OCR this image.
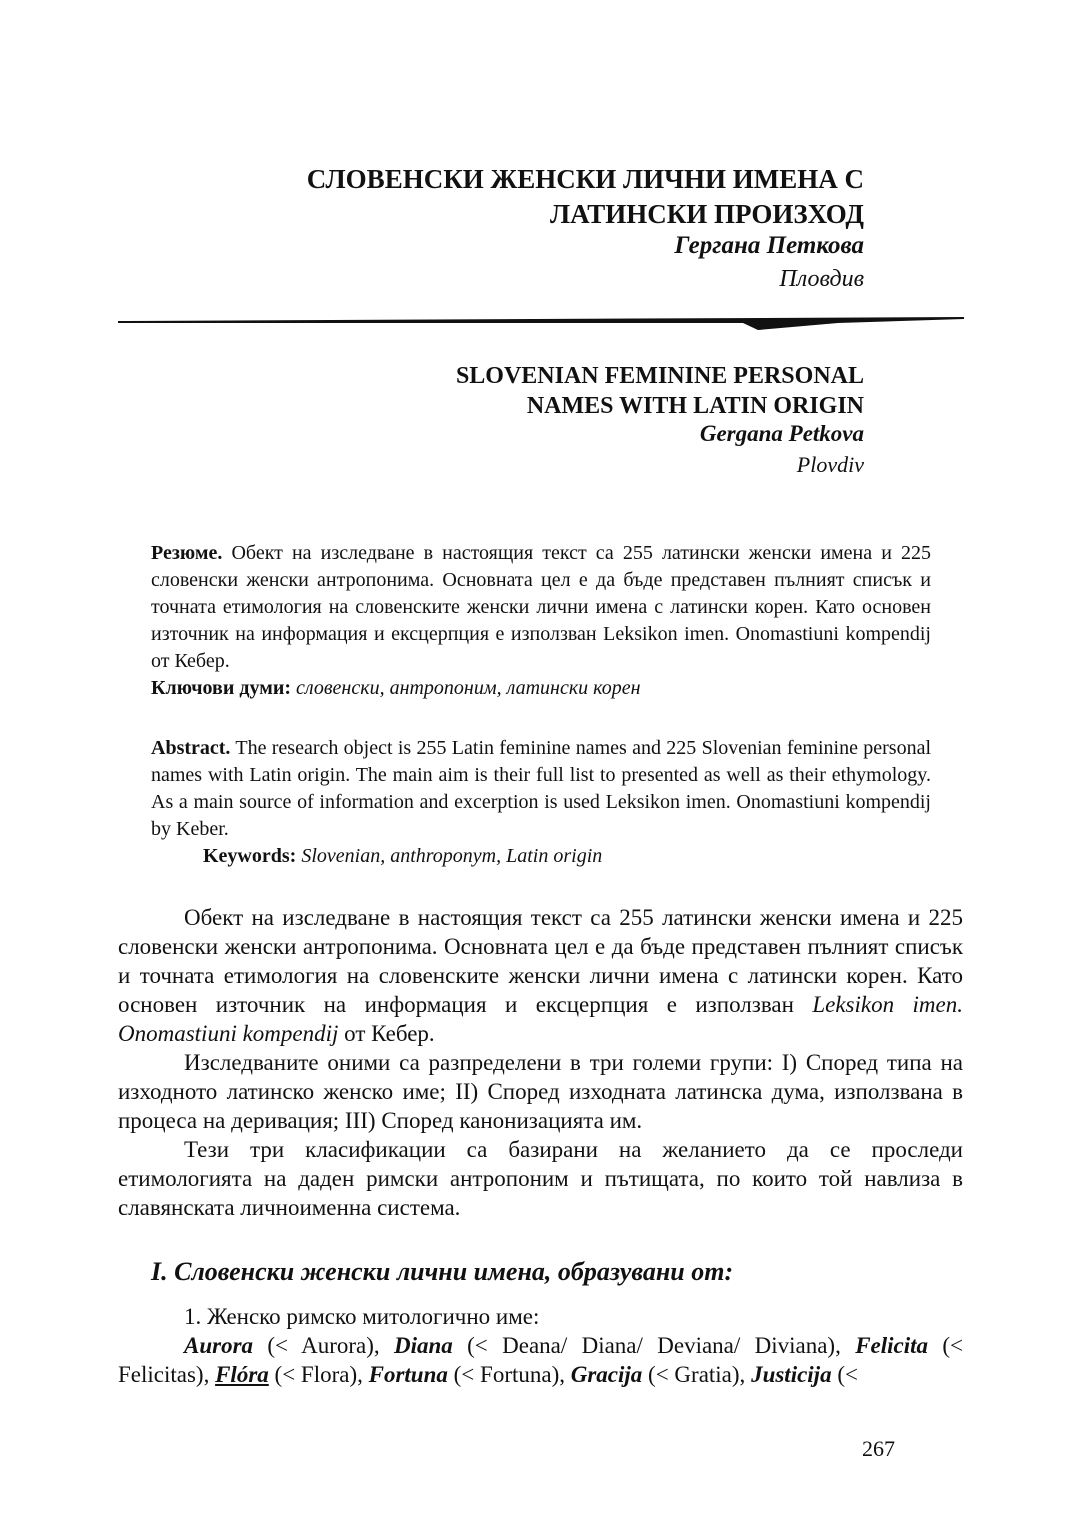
СЛОВЕНСКИ ЖЕНСКИ ЛИЧНИ ИМЕНА С
ЛАТИНСКИ ПРОИЗХОД
Гергана Петкова
Пловдив
SLOVENIAN FEMININE PERSONAL
NAMES WITH LATIN ORIGIN
Gergana Petkova
Plovdiv

Резюме. Обект на изследване в настоящия текст са 255 латински женски имена и 225 словенски женски антропонима. Основната цел е да бъде представен пълният списък и точната етимология на словенските женски лични имена с латински корен. Като основен източник на информация и ексцерпция е използван Leksikon imen. Onomastiuni kompendij от Кебер.

Ключови думи: словенски, антропоним, латински корен

Abstract. The research object is 255 Latin feminine names and 225 Slovenian feminine personal names with Latin origin. The main aim is their full list to presented as well as their ethymology. As a main source of information and excerption is used Leksikon imen. Onomastiuni kompendij by Keber.

Keywords: Slovenian, anthroponym, Latin origin

Обект на изследване в настоящия текст са 255 латински женски имена и 225 словенски женски антропонима. Основната цел е да бъде представен пълният списък и точната етимология на словенските женски лични имена с латински корен. Като основен източник на информация и ексцерпция е използван Leksikon imen. Onomastiuni kompendij от Кебер.

Изследваните оними са разпределени в три големи групи: I) Според типа на изходното латинско женско име; II) Според изходната латинска дума, използвана в процеса на деривация; III) Според канонизацията им.

Тези три класификации са базирани на желанието да се проследи етимологията на даден римски антропоним и пътищата, по които той навлиза в славянската личноименна система.

I. Словенски женски лични имена, образувани от:

1. Женско римско митологично име:

Aurora (< Aurora), Diana (< Deana/ Diana/ Deviana/ Diviana), Felicita (< Felicitas), Flóra (< Flora), Fortuna (< Fortuna), Gracija (< Gratia), Justicija (<

267
